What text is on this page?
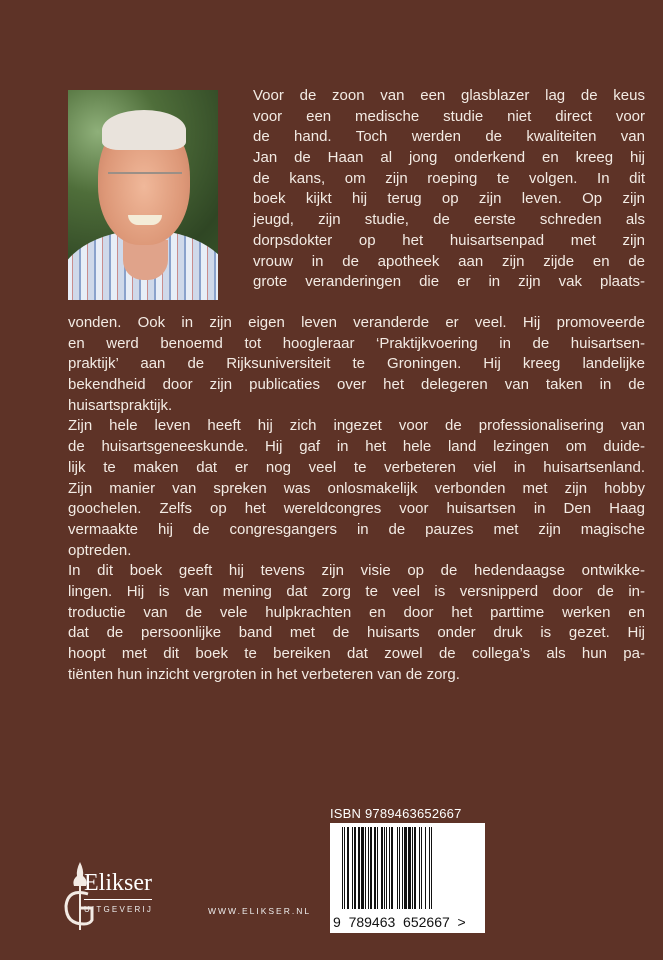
Voor de zoon van een glasblazer lag de keus
voor een medische studie niet direct voor
de hand. Toch werden de kwaliteiten van
Jan de Haan al jong onderkend en kreeg hij
de kans, om zijn roeping te volgen. In dit
boek kijkt hij terug op zijn leven. Op zijn
jeugd, zijn studie, de eerste schreden als
dorpsdokter op het huisartsenpad met zijn
vrouw in de apotheek aan zijn zijde en de
grote veranderingen die er in zijn vak plaats-
vonden. Ook in zijn eigen leven veranderde er veel. Hij promoveerde
en werd benoemd tot hoogleraar ‘Praktijkvoering in de huisartsen-
praktijk’ aan de Rijksuniversiteit te Groningen. Hij kreeg landelijke
bekendheid door zijn publicaties over het delegeren van taken in de
huisartspraktijk.
Zijn hele leven heeft hij zich ingezet voor de professionalisering van
de huisartsgeneeskunde. Hij gaf in het hele land lezingen om duide-
lijk te maken dat er nog veel te verbeteren viel in huisartsenland.
Zijn manier van spreken was onlosmakelijk verbonden met zijn hobby
goochelen. Zelfs op het wereldcongres voor huisartsen in Den Haag
vermaakte hij de congresgangers in de pauzes met zijn magische
optreden.
In dit boek geeft hij tevens zijn visie op de hedendaagse ontwikke-
lingen. Hij is van mening dat zorg te veel is versnipperd door de in-
troductie van de vele hulpkrachten en door het parttime werken en
dat de persoonlijke band met de huisarts onder druk is gezet. Hij
hoopt met dit boek te bereiken dat zowel de collega’s als hun pa-
tiënten hun inzicht vergroten in het verbeteren van de zorg.
Elikser
UITGEVERIJ	WWW.ELIKSER.NL
ISBN 9789463652667
9  789463  652667  >
